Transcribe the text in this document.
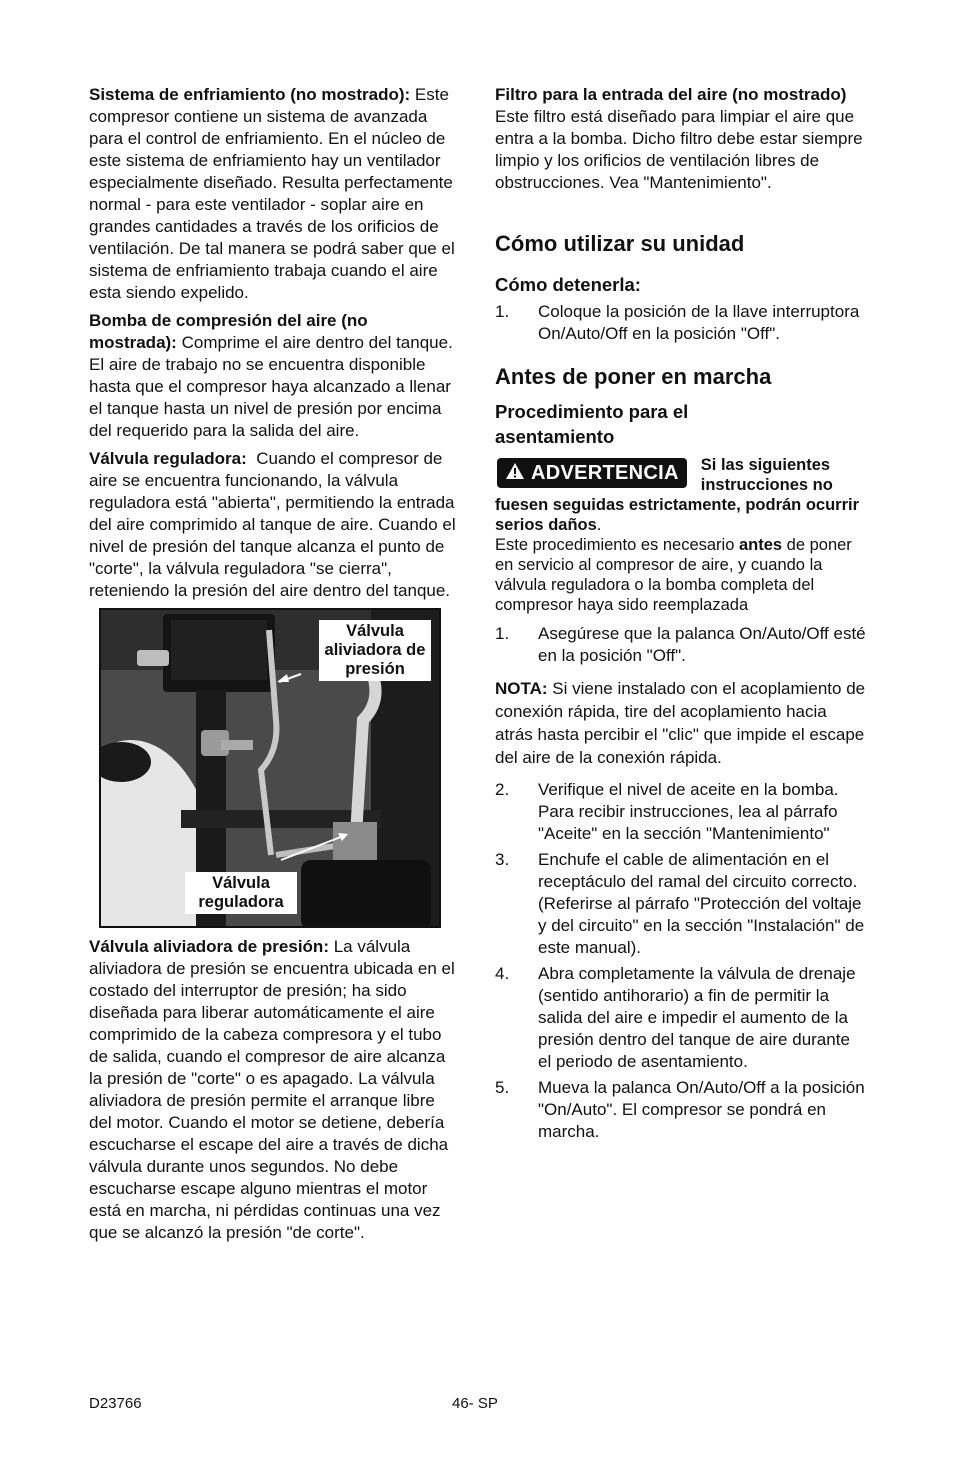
Sistema de enfriamiento (no mostrado): Este compresor contiene un sistema de avanzada para el control de enfriamiento. En el núcleo de este sistema de enfriamiento hay un ventilador especialmente diseñado. Resulta perfectamente normal - para este ventilador - soplar aire en grandes cantidades a través de los orificios de ventilación. De tal manera se podrá saber que el sistema de enfriamiento trabaja cuando el aire esta siendo expelido.

Bomba de compresión del aire (no mostrada): Comprime el aire dentro del tanque. El aire de trabajo no se encuentra disponible hasta que el compresor haya alcanzado a llenar el tanque hasta un nivel de presión por encima del requerido para la salida del aire.

Válvula reguladora:  Cuando el compresor de aire se encuentra funcionando, la válvula reguladora está "abierta", permitiendo la entrada del aire comprimido al tanque de aire. Cuando el nivel de presión del tanque alcanza el punto de "corte", la válvula reguladora "se cierra", reteniendo la presión del aire dentro del tanque.

Válvula aliviadora de presión
Válvula reguladora

Válvula aliviadora de presión: La válvula aliviadora de presión se encuentra ubicada en el costado del interruptor de presión; ha sido diseñada para liberar automáticamente el aire comprimido de la cabeza compresora y el tubo de salida, cuando el compresor de aire alcanza la presión de "corte" o es apagado. La válvula aliviadora de presión permite el arranque libre del motor. Cuando el motor se detiene, debería escucharse el escape del aire a través de dicha válvula durante unos segundos. No debe escucharse escape alguno mientras el motor está en marcha, ni pérdidas continuas una vez que se alcanzó la presión "de corte".

Filtro para la entrada del aire (no mostrado) Este filtro está diseñado para limpiar el aire que entra a la bomba. Dicho filtro debe estar siempre limpio y los orificios de ventilación libres de obstrucciones. Vea "Mantenimiento".

Cómo utilizar su unidad
Cómo detenerla:
1.	Coloque la posición de la llave interruptora On/Auto/Off en la posición "Off".
Antes de poner en marcha
Procedimiento para el asentamiento
ADVERTENCIA	Si las siguientes instrucciones no fuesen seguidas estrictamente, podrán ocurrir serios daños.
Este procedimiento es necesario antes de poner en servicio al compresor de aire, y cuando la válvula reguladora o la bomba completa del compresor haya sido reemplazada
1.	Asegúrese que la palanca On/Auto/Off esté en la posición "Off".

NOTA: Si viene instalado con el acoplamiento de conexión rápida, tire del acoplamiento hacia atrás hasta percibir el "clic" que impide el escape del aire de la conexión rápida.

2.	Verifique el nivel de aceite en la bomba. Para recibir instrucciones, lea al párrafo "Aceite" en la sección "Mantenimiento"
3.	Enchufe el cable de alimentación en el receptáculo del ramal del circuito correcto. (Referirse al párrafo "Protección del voltaje y del circuito" en la sección "Instalación" de este manual).
4.	Abra completamente la válvula de drenaje (sentido antihorario) a fin de permitir la salida del aire e impedir el aumento de la presión dentro del tanque de aire durante el periodo de asentamiento.
5.	Mueva la palanca On/Auto/Off a la posición "On/Auto". El compresor se pondrá en marcha.
D23766	46- SP
